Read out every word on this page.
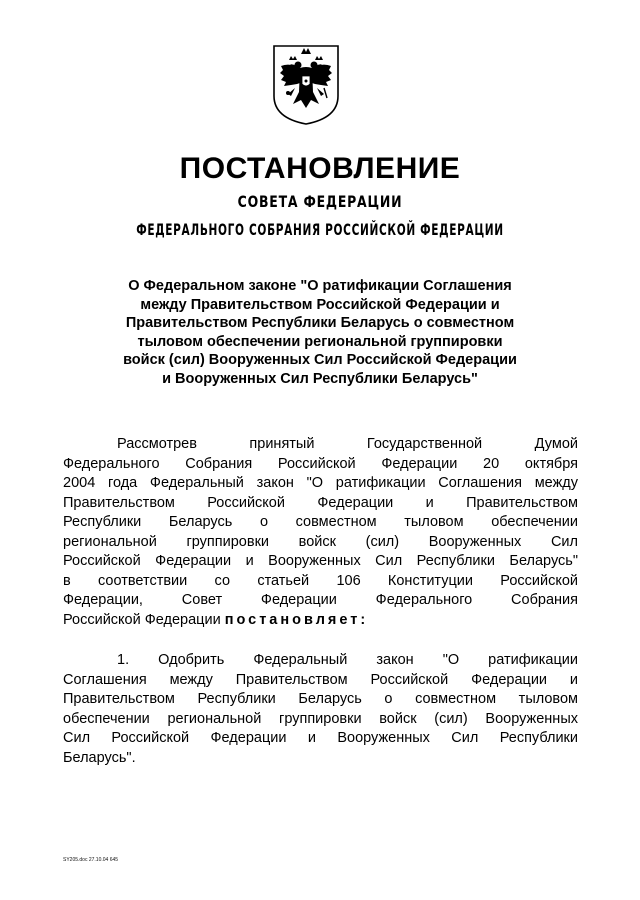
ПОСТАНОВЛЕНИЕ
СОВЕТА ФЕДЕРАЦИИ
ФЕДЕРАЛЬНОГО СОБРАНИЯ РОССИЙСКОЙ ФЕДЕРАЦИИ
О Федеральном законе "О ратификации Соглашения
между Правительством Российской Федерации и
Правительством Республики Беларусь о совместном
тыловом обеспечении региональной группировки
войск (сил) Вооруженных Сил Российской Федерации
и Вооруженных Сил Республики Беларусь"
Рассмотрев принятый Государственной Думой
Федерального Собрания Российской Федерации 20 октября
2004 года Федеральный закон "О ратификации Соглашения между
Правительством Российской Федерации и Правительством
Республики Беларусь о совместном тыловом обеспечении
региональной группировки войск (сил) Вооруженных Сил
Российской Федерации и Вооруженных Сил Республики Беларусь"
в соответствии со статьей 106 Конституции Российской
Федерации, Совет Федерации Федерального Собрания
Российской Федерации постановляет:
1. Одобрить Федеральный закон "О ратификации
Соглашения между Правительством Российской Федерации и
Правительством Республики Беларусь о совместном тыловом
обеспечении региональной группировки войск (сил) Вооруженных
Сил Российской Федерации и Вооруженных Сил Республики
Беларусь".
SY205.doc 27.10.04 645
